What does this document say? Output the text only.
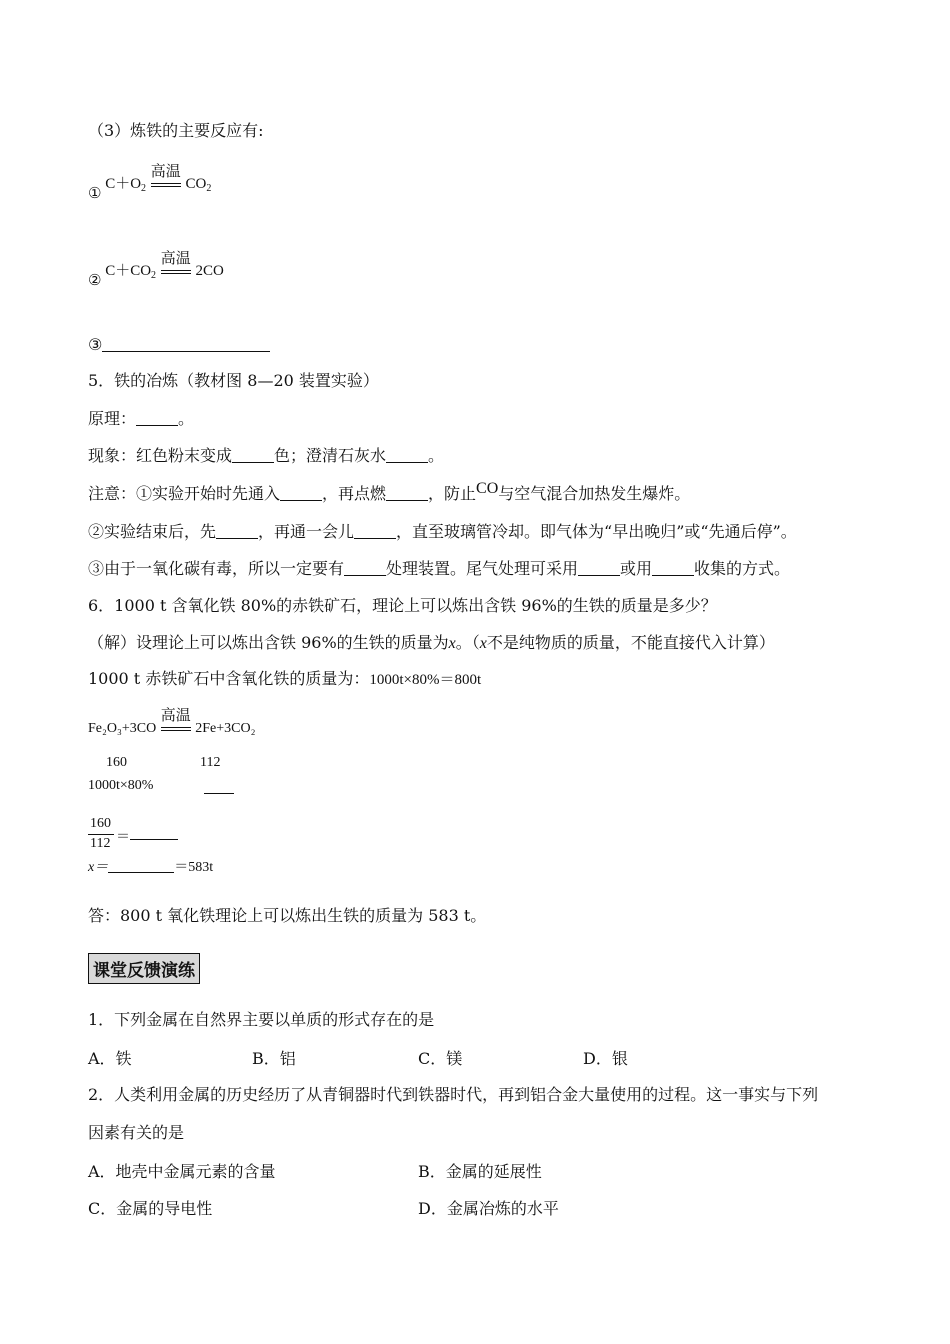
（3）炼铁的主要反应有:
① $C+O_2$
高温
$CO_2$
② $C+CO_2$
高温
2CO
③
5．铁的冶炼（教材图 8—20 装置实验）
原理：	。
现象：红色粉末变成	色；澄清石灰水	。
注意：①实验开始时先通入	，再点燃	，防止CO与空气混合加热发生爆炸。
②实验结束后，先	，再通一会儿	，直至玻璃管冷却。即气体为“早出晚归”或“先通后停”。
③由于一氧化碳有毒，所以一定要有	处理装置。尾气处理可采用	或用	收集的方式。
6．1000 t 含氧化铁 80%的赤铁矿石，理论上可以炼出含铁 96%的生铁的质量是多少？
（解）设理论上可以炼出含铁 96%的生铁的质量为x。（x不是纯物质的质量，不能直接代入计算）
1000 t 赤铁矿石中含氧化铁的质量为：1000t×80%＝800t
Fe₂O₃+3CO
高温
2Fe+3CO₂
160	112
1000t×80%
160
112 ＝
x＝	＝583t
答：800 t 氧化铁理论上可以炼出生铁的质量为 583 t。
课堂反馈演练
1．下列金属在自然界主要以单质的形式存在的是
A．铁	B．铝	C．镁	D．银
2．人类利用金属的历史经历了从青铜器时代到铁器时代，再到铝合金大量使用的过程。这一事实与下列
因素有关的是
A．地壳中金属元素的含量	B．金属的延展性
C．金属的导电性	D．金属冶炼的水平
